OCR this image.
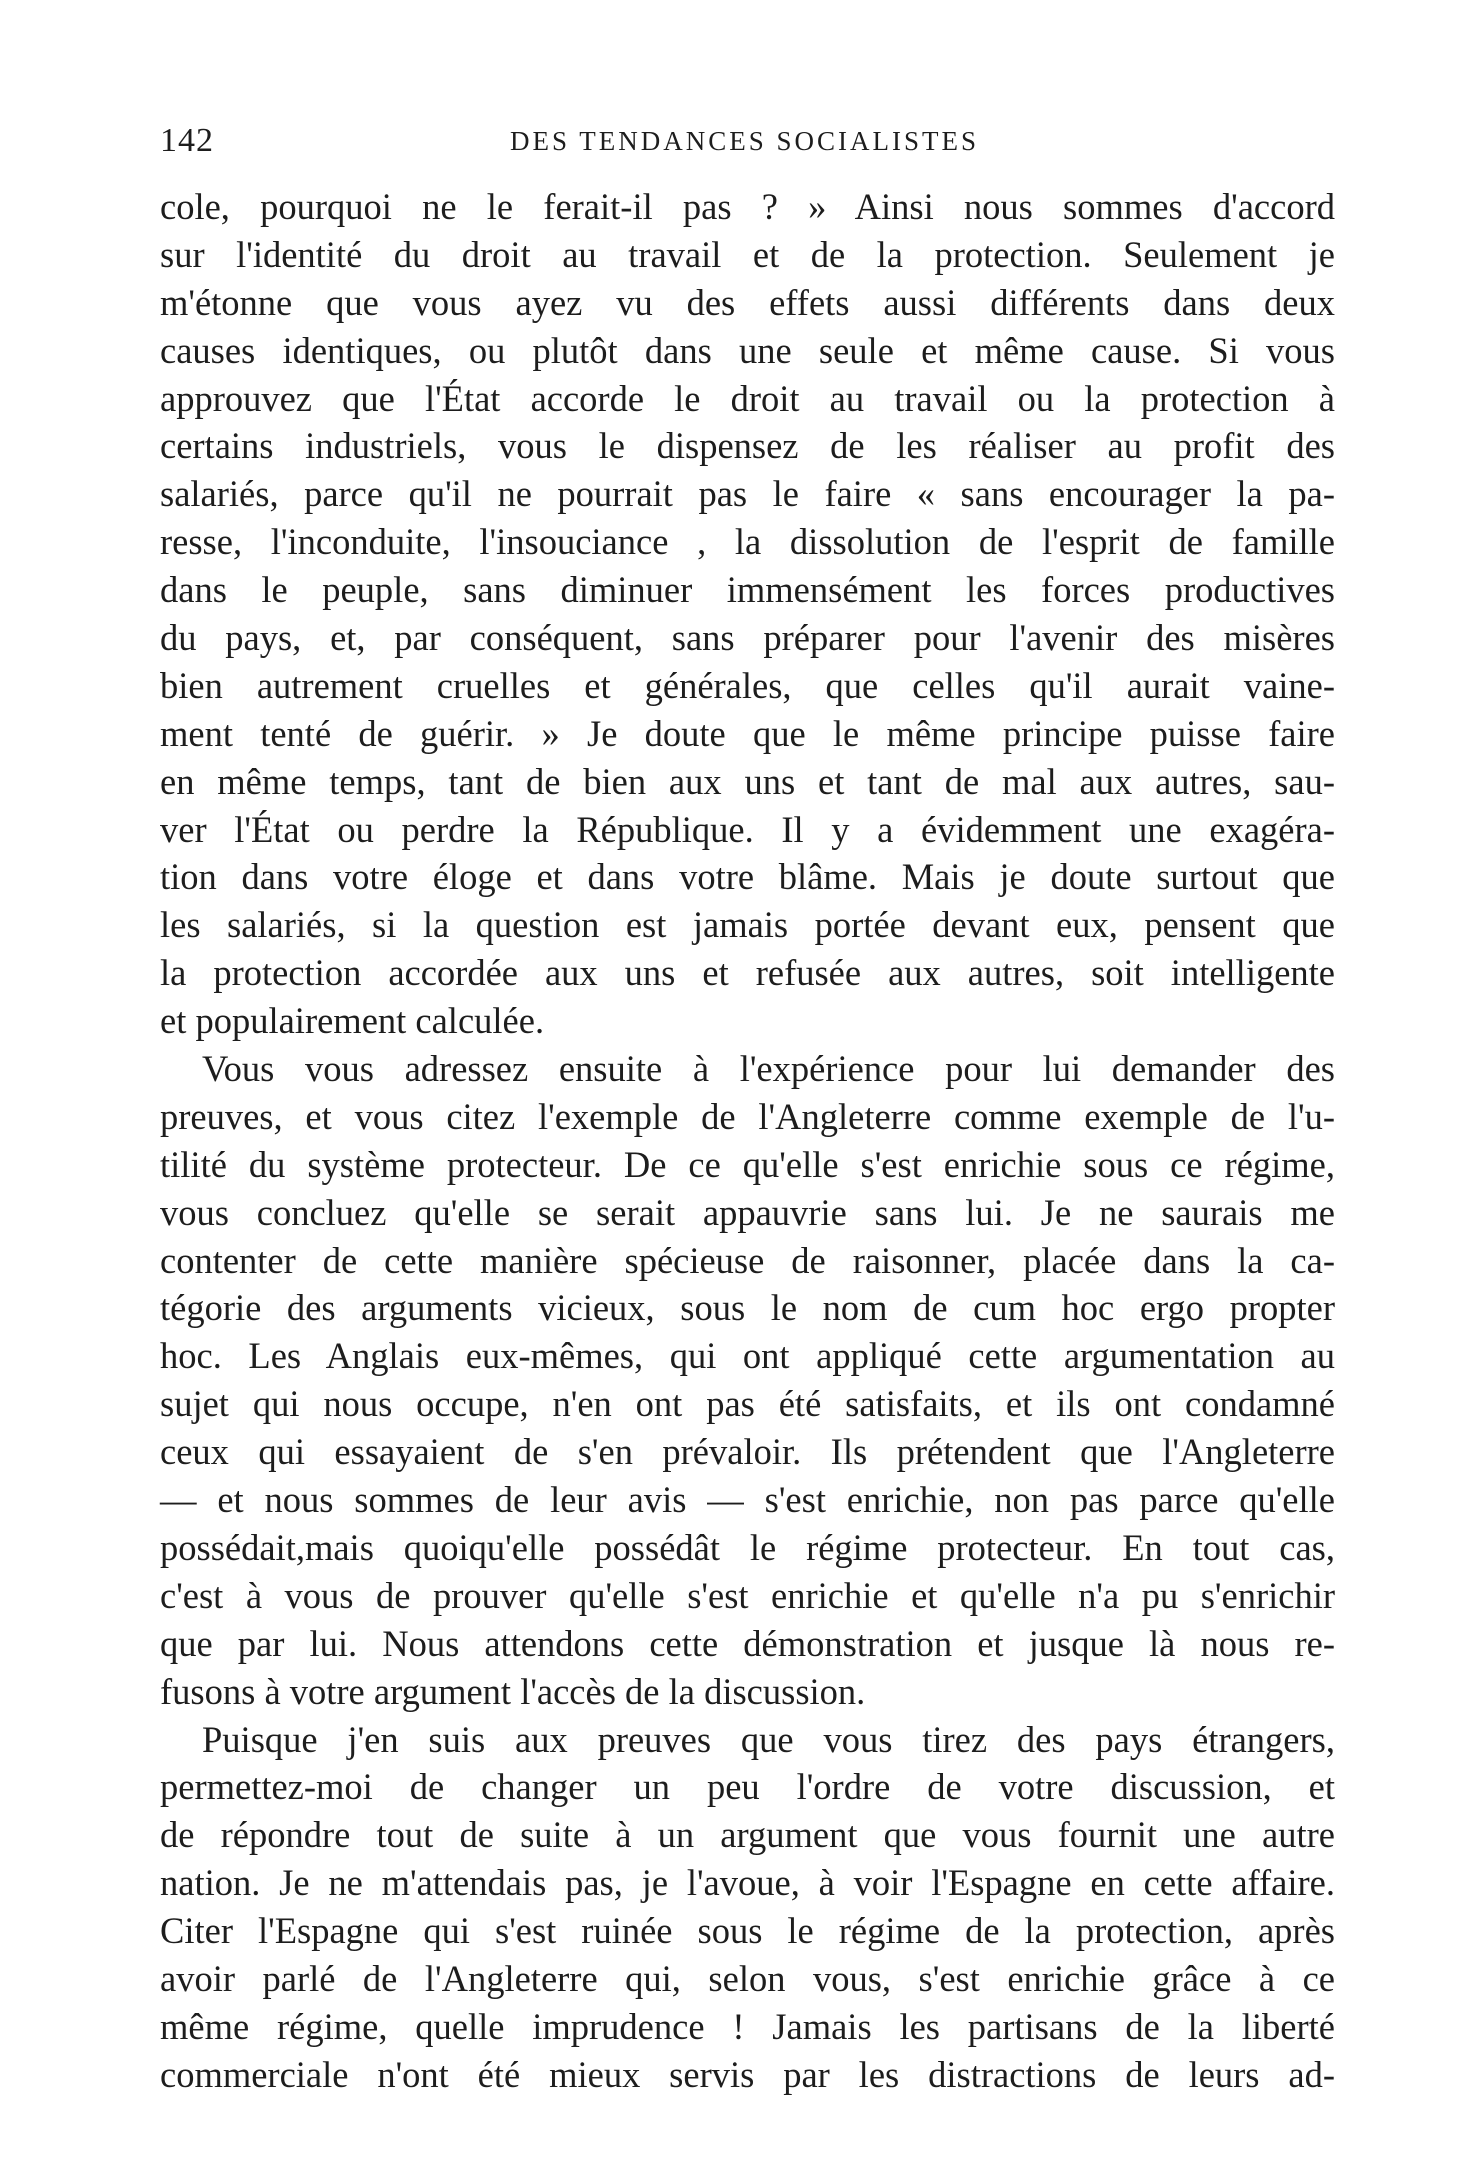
142	DES TENDANCES SOCIALISTES
cole, pourquoi ne le ferait-il pas ? » Ainsi nous sommes d'accord
sur l'identité du droit au travail et de la protection. Seulement je
m'étonne que vous ayez vu des effets aussi différents dans deux
causes identiques, ou plutôt dans une seule et même cause. Si vous
approuvez que l'État accorde le droit au travail ou la protection à
certains industriels, vous le dispensez de les réaliser au profit des
salariés, parce qu'il ne pourrait pas le faire « sans encourager la pa-
resse, l'inconduite, l'insouciance , la dissolution de l'esprit de famille
dans le peuple, sans diminuer immensément les forces productives
du pays, et, par conséquent, sans préparer pour l'avenir des misères
bien autrement cruelles et générales, que celles qu'il aurait vaine-
ment tenté de guérir. » Je doute que le même principe puisse faire
en même temps, tant de bien aux uns et tant de mal aux autres, sau-
ver l'État ou perdre la République. Il y a évidemment une exagéra-
tion dans votre éloge et dans votre blâme. Mais je doute surtout que
les salariés, si la question est jamais portée devant eux, pensent que
la protection accordée aux uns et refusée aux autres, soit intelligente
et populairement calculée.
Vous vous adressez ensuite à l'expérience pour lui demander des
preuves, et vous citez l'exemple de l'Angleterre comme exemple de l'u-
tilité du système protecteur. De ce qu'elle s'est enrichie sous ce régime,
vous concluez qu'elle se serait appauvrie sans lui. Je ne saurais me
contenter de cette manière spécieuse de raisonner, placée dans la ca-
tégorie des arguments vicieux, sous le nom de cum hoc ergo propter
hoc. Les Anglais eux-mêmes, qui ont appliqué cette argumentation au
sujet qui nous occupe, n'en ont pas été satisfaits, et ils ont condamné
ceux qui essayaient de s'en prévaloir. Ils prétendent que l'Angleterre
— et nous sommes de leur avis — s'est enrichie, non pas parce qu'elle
possédait,mais quoiqu'elle possédât le régime protecteur. En tout cas,
c'est à vous de prouver qu'elle s'est enrichie et qu'elle n'a pu s'enrichir
que par lui. Nous attendons cette démonstration et jusque là nous re-
fusons à votre argument l'accès de la discussion.
Puisque j'en suis aux preuves que vous tirez des pays étrangers,
permettez-moi de changer un peu l'ordre de votre discussion, et
de répondre tout de suite à un argument que vous fournit une autre
nation. Je ne m'attendais pas, je l'avoue, à voir l'Espagne en cette affaire.
Citer l'Espagne qui s'est ruinée sous le régime de la protection, après
avoir parlé de l'Angleterre qui, selon vous, s'est enrichie grâce à ce
même régime, quelle imprudence ! Jamais les partisans de la liberté
commerciale n'ont été mieux servis par les distractions de leurs ad-
